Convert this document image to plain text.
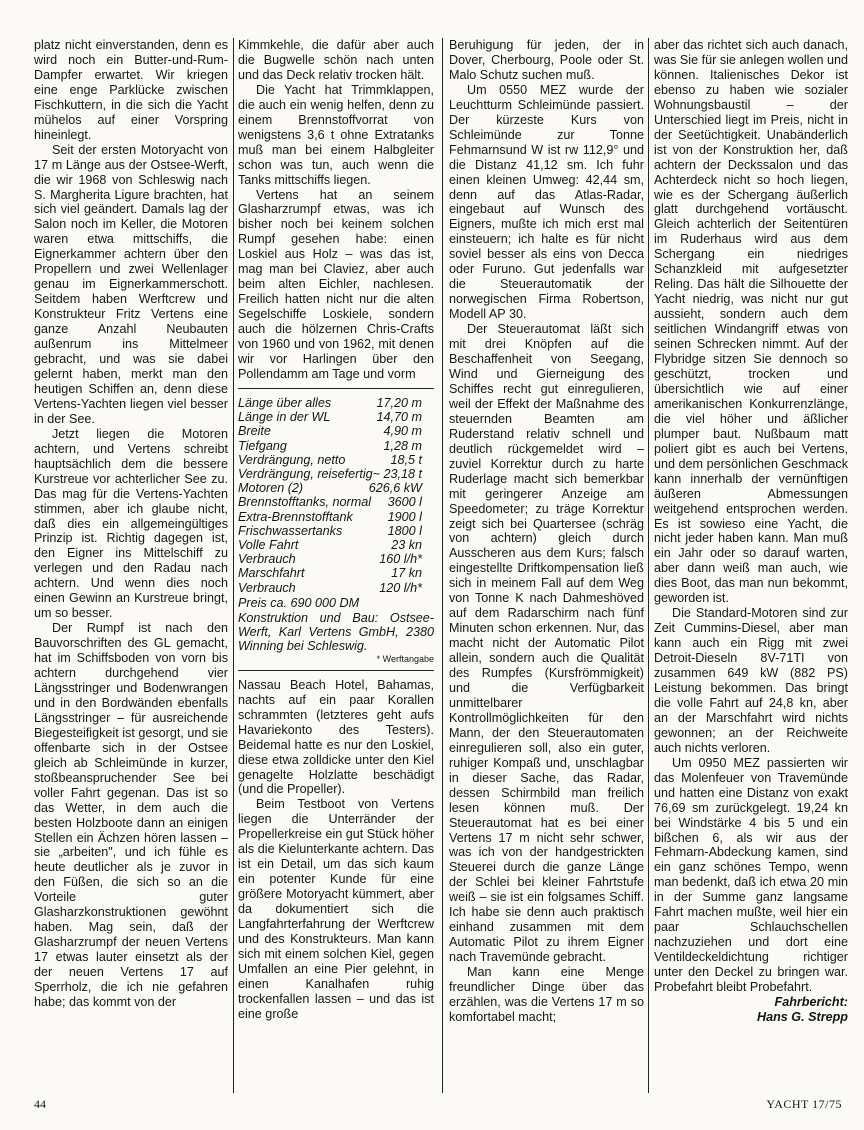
platz nicht einverstanden, denn es wird noch ein Butter-und-Rum-Dampfer erwartet. Wir kriegen eine enge Parklücke zwischen Fischkuttern, in die sich die Yacht mühelos auf einer Vorspring hineinlegt.

Seit der ersten Motoryacht von 17 m Länge aus der Ostsee-Werft, die wir 1968 von Schleswig nach S. Margherita Ligure brachten, hat sich viel geändert. Damals lag der Salon noch im Keller, die Motoren waren etwa mittschiffs, die Eignerkammer achtern über den Propellern und zwei Wellenlager genau im Eignerkammerschott. Seitdem haben Werftcrew und Konstrukteur Fritz Vertens eine ganze Anzahl Neubauten außenrum ins Mittelmeer gebracht, und was sie dabei gelernt haben, merkt man den heutigen Schiffen an, denn diese Vertens-Yachten liegen viel besser in der See.

Jetzt liegen die Motoren achtern, und Vertens schreibt hauptsächlich dem die bessere Kurstreue vor achterlicher See zu. Das mag für die Vertens-Yachten stimmen, aber ich glaube nicht, daß dies ein allgemeingültiges Prinzip ist. Richtig dagegen ist, den Eigner ins Mittelschiff zu verlegen und den Radau nach achtern. Und wenn dies noch einen Gewinn an Kurstreue bringt, um so besser.

Der Rumpf ist nach den Bauvorschriften des GL gemacht, hat im Schiffsboden von vorn bis achtern durchgehend vier Längsstringer und Bodenwrangen und in den Bordwänden ebenfalls Längsstringer – für ausreichende Biegesteifigkeit ist gesorgt, und sie offenbarte sich in der Ostsee gleich ab Schleimünde in kurzer, stoßbeanspruchender See bei voller Fahrt gegenan. Das ist so das Wetter, in dem auch die besten Holzboote dann an einigen Stellen ein Ächzen hören lassen – sie „arbeiten", und ich fühle es heute deutlicher als je zuvor in den Füßen, die sich so an die Vorteile guter Glasharzkonstruktionen gewöhnt haben. Mag sein, daß der Glasharzrumpf der neuen Vertens 17 etwas lauter einsetzt als der der neuen Vertens 17 auf Sperrholz, die ich nie gefahren habe; das kommt von der

Kimmkehle, die dafür aber auch die Bugwelle schön nach unten und das Deck relativ trocken hält.

Die Yacht hat Trimmklappen, die auch ein wenig helfen, denn zu einem Brennstoffvorrat von wenigstens 3,6 t ohne Extratanks muß man bei einem Halbgleiter schon was tun, auch wenn die Tanks mittschiffs liegen.

Vertens hat an seinem Glasharzrumpf etwas, was ich bisher noch bei keinem solchen Rumpf gesehen habe: einen Loskiel aus Holz – was das ist, mag man bei Claviez, aber auch beim alten Eichler, nachlesen. Freilich hatten nicht nur die alten Segelschiffe Loskiele, sondern auch die hölzernen Chris-Crafts von 1960 und von 1962, mit denen wir vor Harlingen über den Pollendamm am Tage und vorm

Länge über alles	17,20 m
Länge in der WL	14,70 m
Breite	4,90 m
Tiefgang	1,28 m
Verdrängung, netto	18,5 t
Verdrängung, reisefertig ~ 23,18 t
Motoren (2)	626,6 kW
Brennstofftanks, normal 3600 l
Extra-Brennstofftank	1900 l
Frischwassertanks	1800 l
Volle Fahrt	23 kn
Verbrauch	160 l/h*
Marschfahrt	17 kn
Verbrauch	120 l/h*
Preis ca. 690 000 DM
Konstruktion und Bau: Ostsee-Werft, Karl Vertens GmbH, 2380 Winning bei Schleswig.
* Werftangabe

Nassau Beach Hotel, Bahamas, nachts auf ein paar Korallen schrammten (letzteres geht aufs Havariekonto des Testers). Beidemal hatte es nur den Loskiel, diese etwa zolldicke unter den Kiel genagelte Holzlatte beschädigt (und die Propeller).

Beim Testboot von Vertens liegen die Unterränder der Propellerkreise ein gut Stück höher als die Kielunterkante achtern. Das ist ein Detail, um das sich kaum ein potenter Kunde für eine größere Motoryacht kümmert, aber da dokumentiert sich die Langfahrterfahrung der Werftcrew und des Konstrukteurs. Man kann sich mit einem solchen Kiel, gegen Umfallen an eine Pier gelehnt, in einen Kanalhafen ruhig trockenfallen lassen – und das ist eine große

Beruhigung für jeden, der in Dover, Cherbourg, Poole oder St. Malo Schutz suchen muß.

Um 0550 MEZ wurde der Leuchtturm Schleimünde passiert. Der kürzeste Kurs von Schleimünde zur Tonne Fehmarnsund W ist rw 112,9° und die Distanz 41,12 sm. Ich fuhr einen kleinen Umweg: 42,44 sm, denn auf das Atlas-Radar, eingebaut auf Wunsch des Eigners, mußte ich mich erst mal einsteuern; ich halte es für nicht soviel besser als eins von Decca oder Furuno. Gut jedenfalls war die Steuerautomatik der norwegischen Firma Robertson, Modell AP 30.

Der Steuerautomat läßt sich mit drei Knöpfen auf die Beschaffenheit von Seegang, Wind und Gierneigung des Schiffes recht gut einregulieren, weil der Effekt der Maßnahme des steuernden Beamten am Ruderstand relativ schnell und deutlich rückgemeldet wird – zuviel Korrektur durch zu harte Ruderlage macht sich bemerkbar mit geringerer Anzeige am Speedometer; zu träge Korrektur zeigt sich bei Quartersee (schräg von achtern) gleich durch Ausscheren aus dem Kurs; falsch eingestellte Driftkompensation ließ sich in meinem Fall auf dem Weg von Tonne K nach Dahmeshöved auf dem Radarschirm nach fünf Minuten schon erkennen. Nur, das macht nicht der Automatic Pilot allein, sondern auch die Qualität des Rumpfes (Kursfrömmigkeit) und die Verfügbarkeit unmittelbarer Kontrollmöglichkeiten für den Mann, der den Steuerautomaten einregulieren soll, also ein guter, ruhiger Kompaß und, unschlagbar in dieser Sache, das Radar, dessen Schirmbild man freilich lesen können muß. Der Steuerautomat hat es bei einer Vertens 17 m nicht sehr schwer, was ich von der handgestrickten Steuerei durch die ganze Länge der Schlei bei kleiner Fahrtstufe weiß – sie ist ein folgsames Schiff. Ich habe sie denn auch praktisch einhand zusammen mit dem Automatic Pilot zu ihrem Eigner nach Travemünde gebracht.

Man kann eine Menge freundlicher Dinge über das erzählen, was die Vertens 17 m so komfortabel macht;

aber das richtet sich auch danach, was Sie für sie anlegen wollen und können. Italienisches Dekor ist ebenso zu haben wie sozialer Wohnungsbaustil – der Unterschied liegt im Preis, nicht in der Seetüchtigkeit. Unabänderlich ist von der Konstruktion her, daß achtern der Deckssalon und das Achterdeck nicht so hoch liegen, wie es der Schergang äußerlich glatt durchgehend vortäuscht. Gleich achterlich der Seitentüren im Ruderhaus wird aus dem Schergang ein niedriges Schanzkleid mit aufgesetzter Reling. Das hält die Silhouette der Yacht niedrig, was nicht nur gut aussieht, sondern auch dem seitlichen Windangriff etwas von seinen Schrecken nimmt. Auf der Flybridge sitzen Sie dennoch so geschützt, trocken und übersichtlich wie auf einer amerikanischen Konkurrenzlänge, die viel höher und äßlicher plumper baut. Nußbaum matt poliert gibt es auch bei Vertens, und dem persönlichen Geschmack kann innerhalb der vernünftigen äußeren Abmessungen weitgehend entsprochen werden. Es ist sowieso eine Yacht, die nicht jeder haben kann. Man muß ein Jahr oder so darauf warten, aber dann weiß man auch, wie dies Boot, das man nun bekommt, geworden ist.

Die Standard-Motoren sind zur Zeit Cummins-Diesel, aber man kann auch ein Rigg mit zwei Detroit-Dieseln 8V-71TI von zusammen 649 kW (882 PS) Leistung bekommen. Das bringt die volle Fahrt auf 24,8 kn, aber an der Marschfahrt wird nichts gewonnen; an der Reichweite auch nichts verloren.

Um 0950 MEZ passierten wir das Molenfeuer von Travemünde und hatten eine Distanz von exakt 76,69 sm zurückgelegt. 19,24 kn bei Windstärke 4 bis 5 und ein bißchen 6, als wir aus der Fehmarn-Abdeckung kamen, sind ein ganz schönes Tempo, wenn man bedenkt, daß ich etwa 20 min in der Summe ganz langsame Fahrt machen mußte, weil hier ein paar Schlauchschellen nachzuziehen und dort eine Ventildeckeldichtung richtiger unter den Deckel zu bringen war. Probefahrt bleibt Probefahrt.

Fahrbericht:

Hans G. Strepp

44	YACHT 17/75
